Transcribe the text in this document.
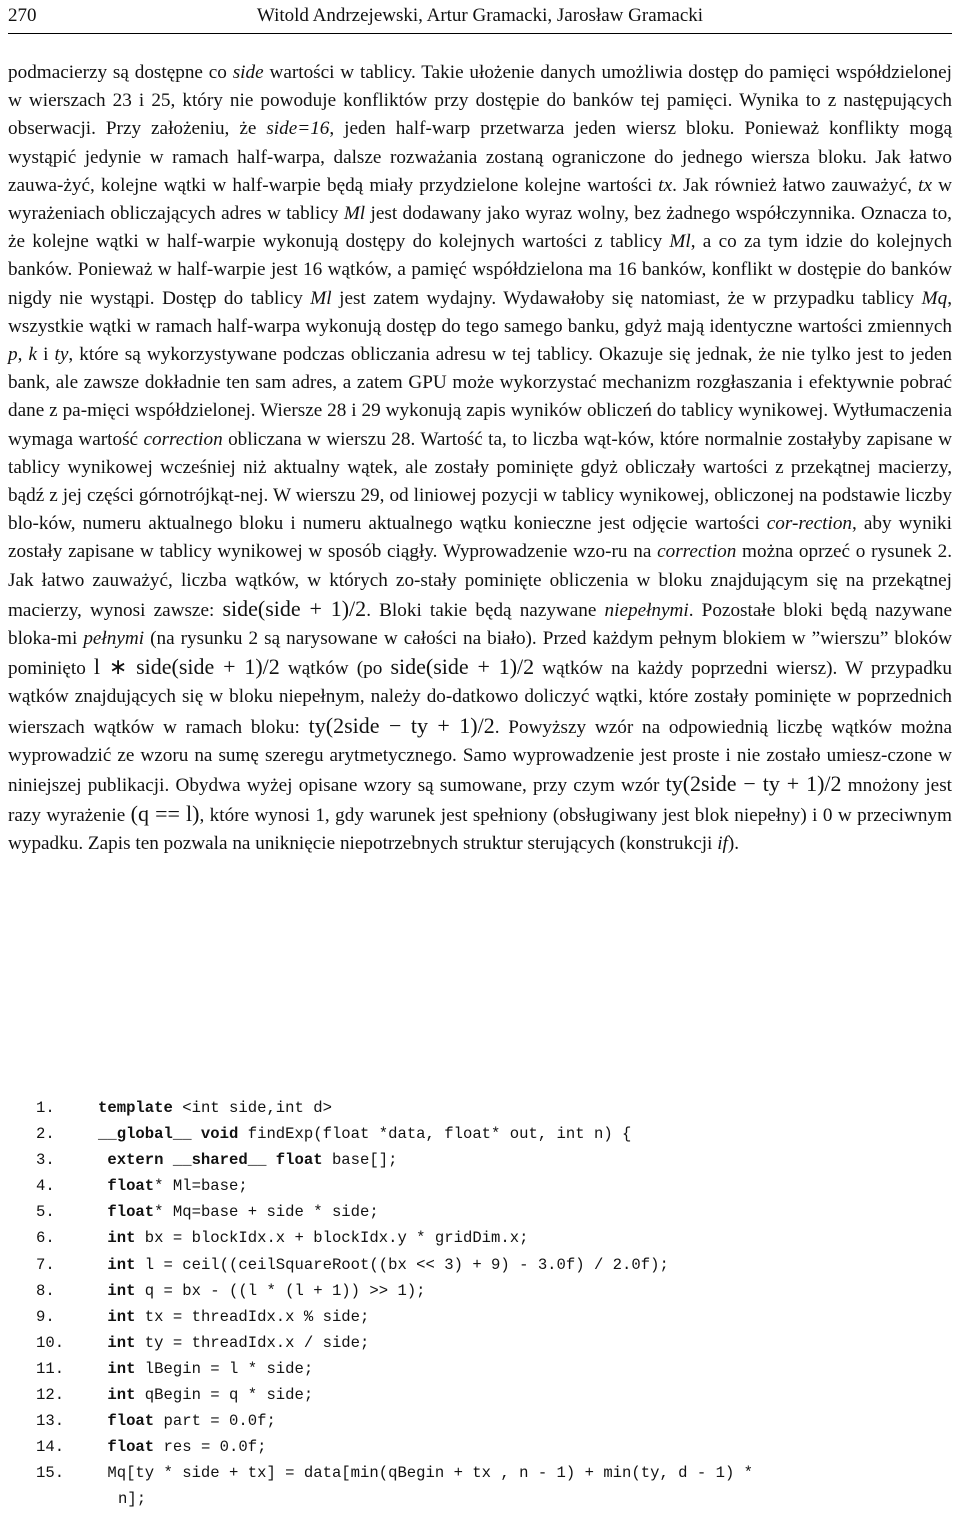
270	Witold Andrzejewski, Artur Gramacki, Jarosław Gramacki
podmacierzy są dostępne co side wartości w tablicy. Takie ułożenie danych umożliwia dostęp do pamięci współdzielonej w wierszach 23 i 25, który nie powoduje konfliktów przy dostępie do banków tej pamięci. Wynika to z następujących obserwacji. Przy założeniu, że side=16, jeden half-warp przetwarza jeden wiersz bloku. Ponieważ konflikty mogą wystąpić jedynie w ramach half-warpa, dalsze rozważania zostaną ograniczone do jednego wiersza bloku. Jak łatwo zauwa-żyć, kolejne wątki w half-warpie będą miały przydzielone kolejne wartości tx. Jak również łatwo zauważyć, tx w wyrażeniach obliczających adres w tablicy Ml jest dodawany jako wyraz wolny, bez żadnego współczynnika. Oznacza to, że kolejne wątki w half-warpie wykonują dostępy do kolejnych wartości z tablicy Ml, a co za tym idzie do kolejnych banków. Ponieważ w half-warpie jest 16 wątków, a pamięć współdzielona ma 16 banków, konflikt w dostępie do banków nigdy nie wystąpi. Dostęp do tablicy Ml jest zatem wydajny. Wydawałoby się natomiast, że w przypadku tablicy Mq, wszystkie wątki w ramach half-warpa wykonują dostęp do tego samego banku, gdyż mają identyczne wartości zmiennych p, k i ty, które są wykorzystywane podczas obliczania adresu w tej tablicy. Okazuje się jednak, że nie tylko jest to jeden bank, ale zawsze dokładnie ten sam adres, a zatem GPU może wykorzystać mechanizm rozgłaszania i efektywnie pobrać dane z pa-mięci współdzielonej. Wiersze 28 i 29 wykonują zapis wyników obliczeń do tablicy wynikowej. Wytłumaczenia wymaga wartość correction obliczana w wierszu 28. Wartość ta, to liczba wąt-ków, które normalnie zostałyby zapisane w tablicy wynikowej wcześniej niż aktualny wątek, ale zostały pominięte gdyż obliczały wartości z przekątnej macierzy, bądź z jej części górnotrójkąt-nej. W wierszu 29, od liniowej pozycji w tablicy wynikowej, obliczonej na podstawie liczby blo-ków, numeru aktualnego bloku i numeru aktualnego wątku konieczne jest odjęcie wartości cor-rection, aby wyniki zostały zapisane w tablicy wynikowej w sposób ciągły. Wyprowadzenie wzo-ru na correction można oprzeć o rysunek 2. Jak łatwo zauważyć, liczba wątków, w których zo-stały pominięte obliczenia w bloku znajdującym się na przekątnej macierzy, wynosi zawsze: side(side + 1)/2. Bloki takie będą nazywane niepełnymi. Pozostałe bloki będą nazywane bloka-mi pełnymi (na rysunku 2 są narysowane w całości na biało). Przed każdym pełnym blokiem w ”wierszu” bloków pominięto l ∗ side(side + 1)/2 wątków (po side(side + 1)/2 wątków na każdy poprzedni wiersz). W przypadku wątków znajdujących się w bloku niepełnym, należy do-datkowo doliczyć wątki, które zostały pominięte w poprzednich wierszach wątków w ramach bloku: ty(2side − ty + 1)/2. Powyższy wzór na odpowiednią liczbę wątków można wyprowadzić ze wzoru na sumę szeregu arytmetycznego. Samo wyprowadzenie jest proste i nie zostało umiesz-czone w niniejszej publikacji. Obydwa wyżej opisane wzory są sumowane, przy czym wzór ty(2side − ty + 1)/2 mnożony jest razy wyrażenie (q == l), które wynosi 1, gdy warunek jest spełniony (obsługiwany jest blok niepełny) i 0 w przeciwnym wypadku. Zapis ten pozwala na uniknięcie niepotrzebnych struktur sterujących (konstrukcji if).
1.	template <int side,int d>
2.	__global__ void findExp(float *data, float* out, int n) {
3.	extern __shared__ float base[];
4.	float* Ml=base;
5.	float* Mq=base + side * side;
6.	int bx = blockIdx.x + blockIdx.y * gridDim.x;
7.	int l = ceil((ceilSquareRoot((bx << 3) + 9) - 3.0f) / 2.0f);
8.	int q = bx - ((l * (l + 1)) >> 1);
9.	int tx = threadIdx.x % side;
10.	int ty = threadIdx.x / side;
11.	int lBegin = l * side;
12.	int qBegin = q * side;
13.	float part = 0.0f;
14.	float res = 0.0f;
15.	Mq[ty * side + tx] = data[min(qBegin + tx , n - 1) + min(ty, d - 1) *
n];
